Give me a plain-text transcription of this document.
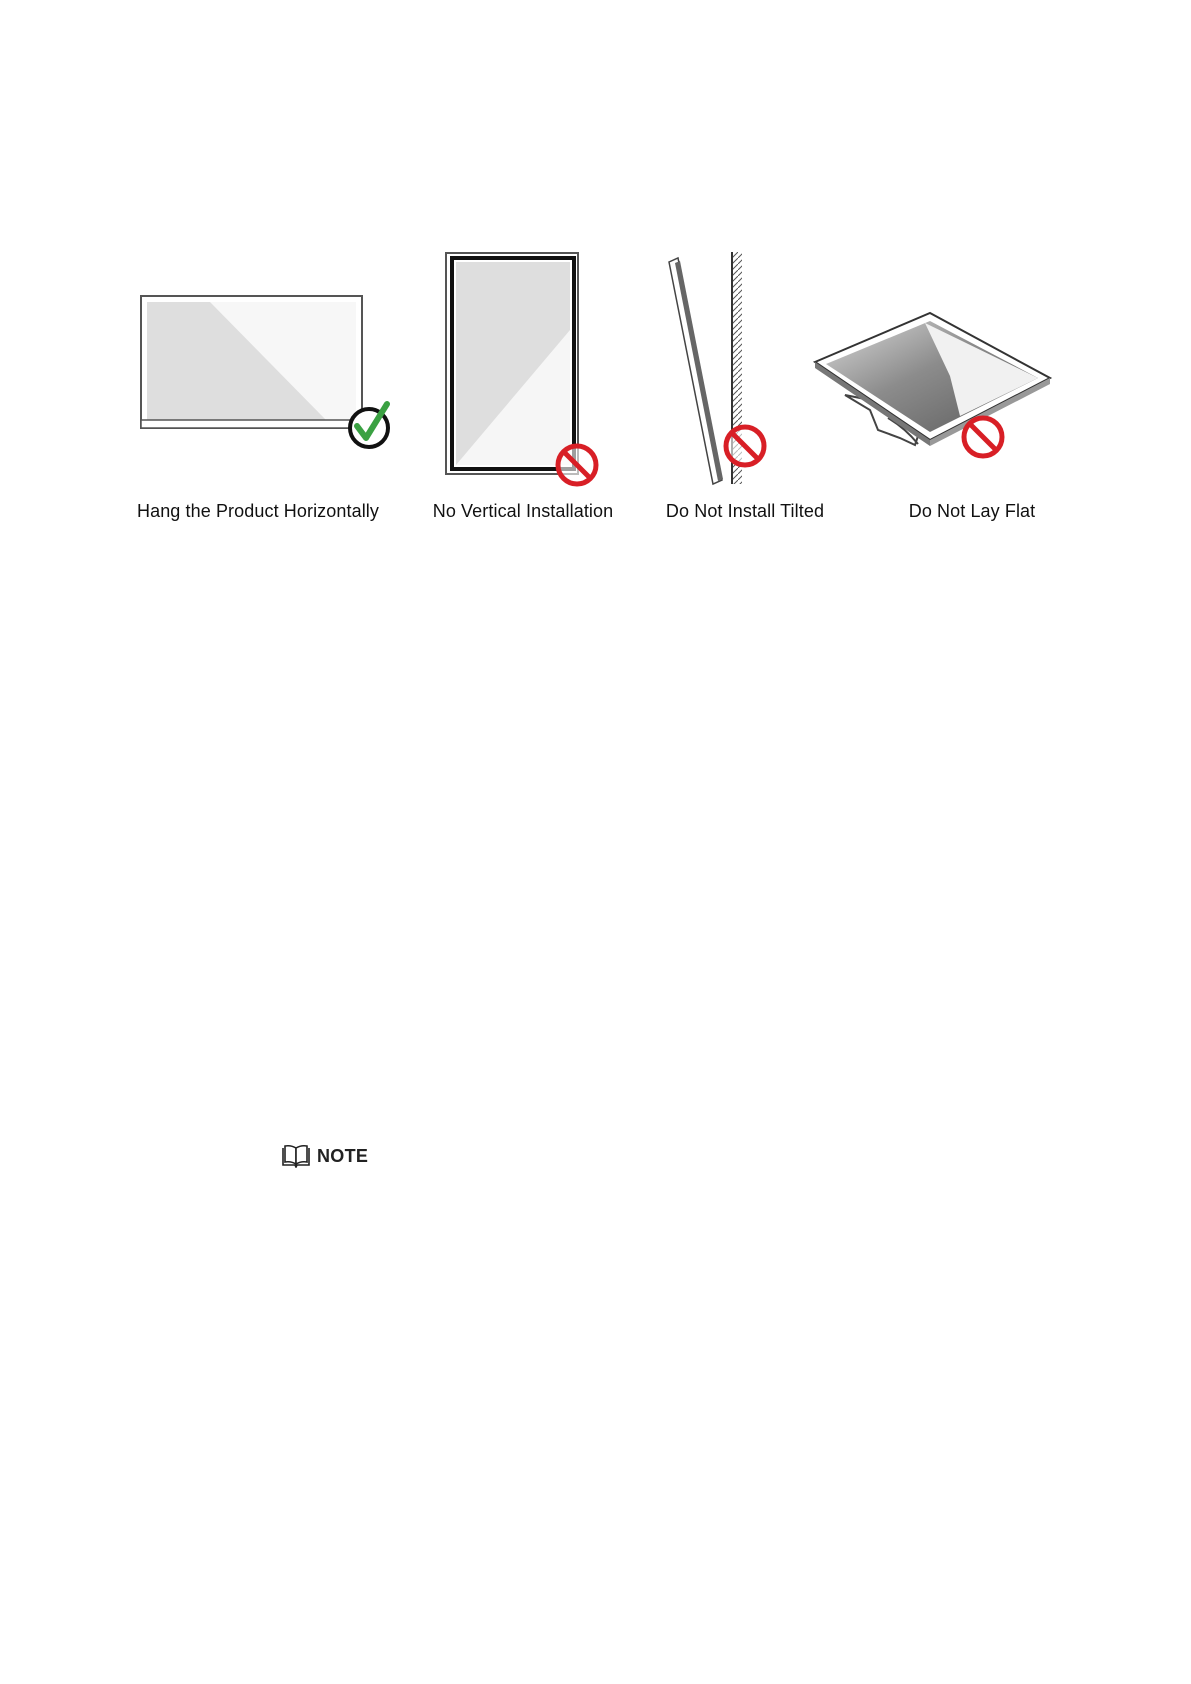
Hang the Product Horizontally	No Vertical Installation	Do Not Install Tilted	Do Not Lay Flat
NOTE
